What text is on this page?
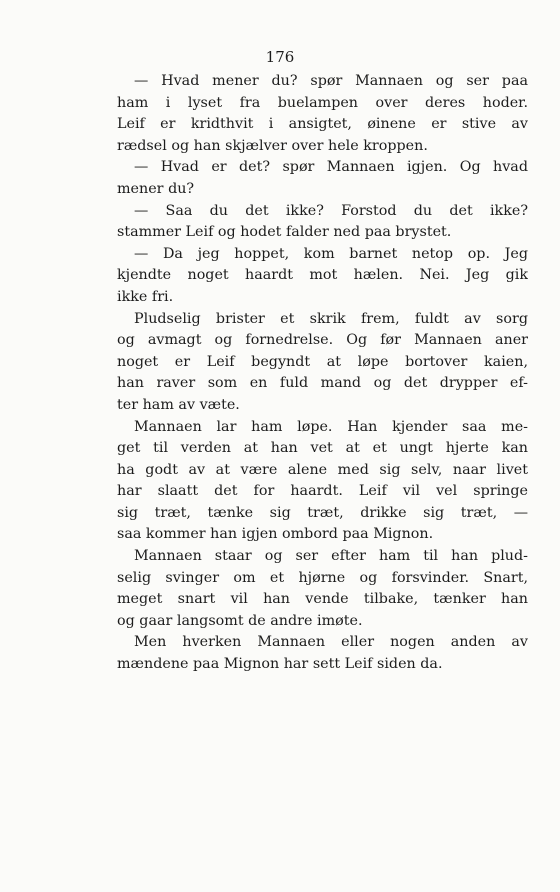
176
— Hvad mener du? spør Mannaen og ser paa
ham i lyset fra buelampen over deres hoder.
Leif er kridthvit i ansigtet, øinene er stive av
rædsel og han skjælver over hele kroppen.
— Hvad er det? spør Mannaen igjen. Og hvad
mener du?
— Saa du det ikke? Forstod du det ikke?
stammer Leif og hodet falder ned paa brystet.
— Da jeg hoppet, kom barnet netop op. Jeg
kjendte noget haardt mot hælen. Nei. Jeg gik
ikke fri.
Pludselig brister et skrik frem, fuldt av sorg
og avmagt og fornedrelse. Og før Mannaen aner
noget er Leif begyndt at løpe bortover kaien,
han raver som en fuld mand og det drypper ef-
ter ham av væte.
Mannaen lar ham løpe. Han kjender saa me-
get til verden at han vet at et ungt hjerte kan
ha godt av at være alene med sig selv, naar livet
har slaatt det for haardt. Leif vil vel springe
sig træt, tænke sig træt, drikke sig træt, —
saa kommer han igjen ombord paa Mignon.
Mannaen staar og ser efter ham til han plud-
selig svinger om et hjørne og forsvinder. Snart,
meget snart vil han vende tilbake, tænker han
og gaar langsomt de andre imøte.
Men hverken Mannaen eller nogen anden av
mændene paa Mignon har sett Leif siden da.
